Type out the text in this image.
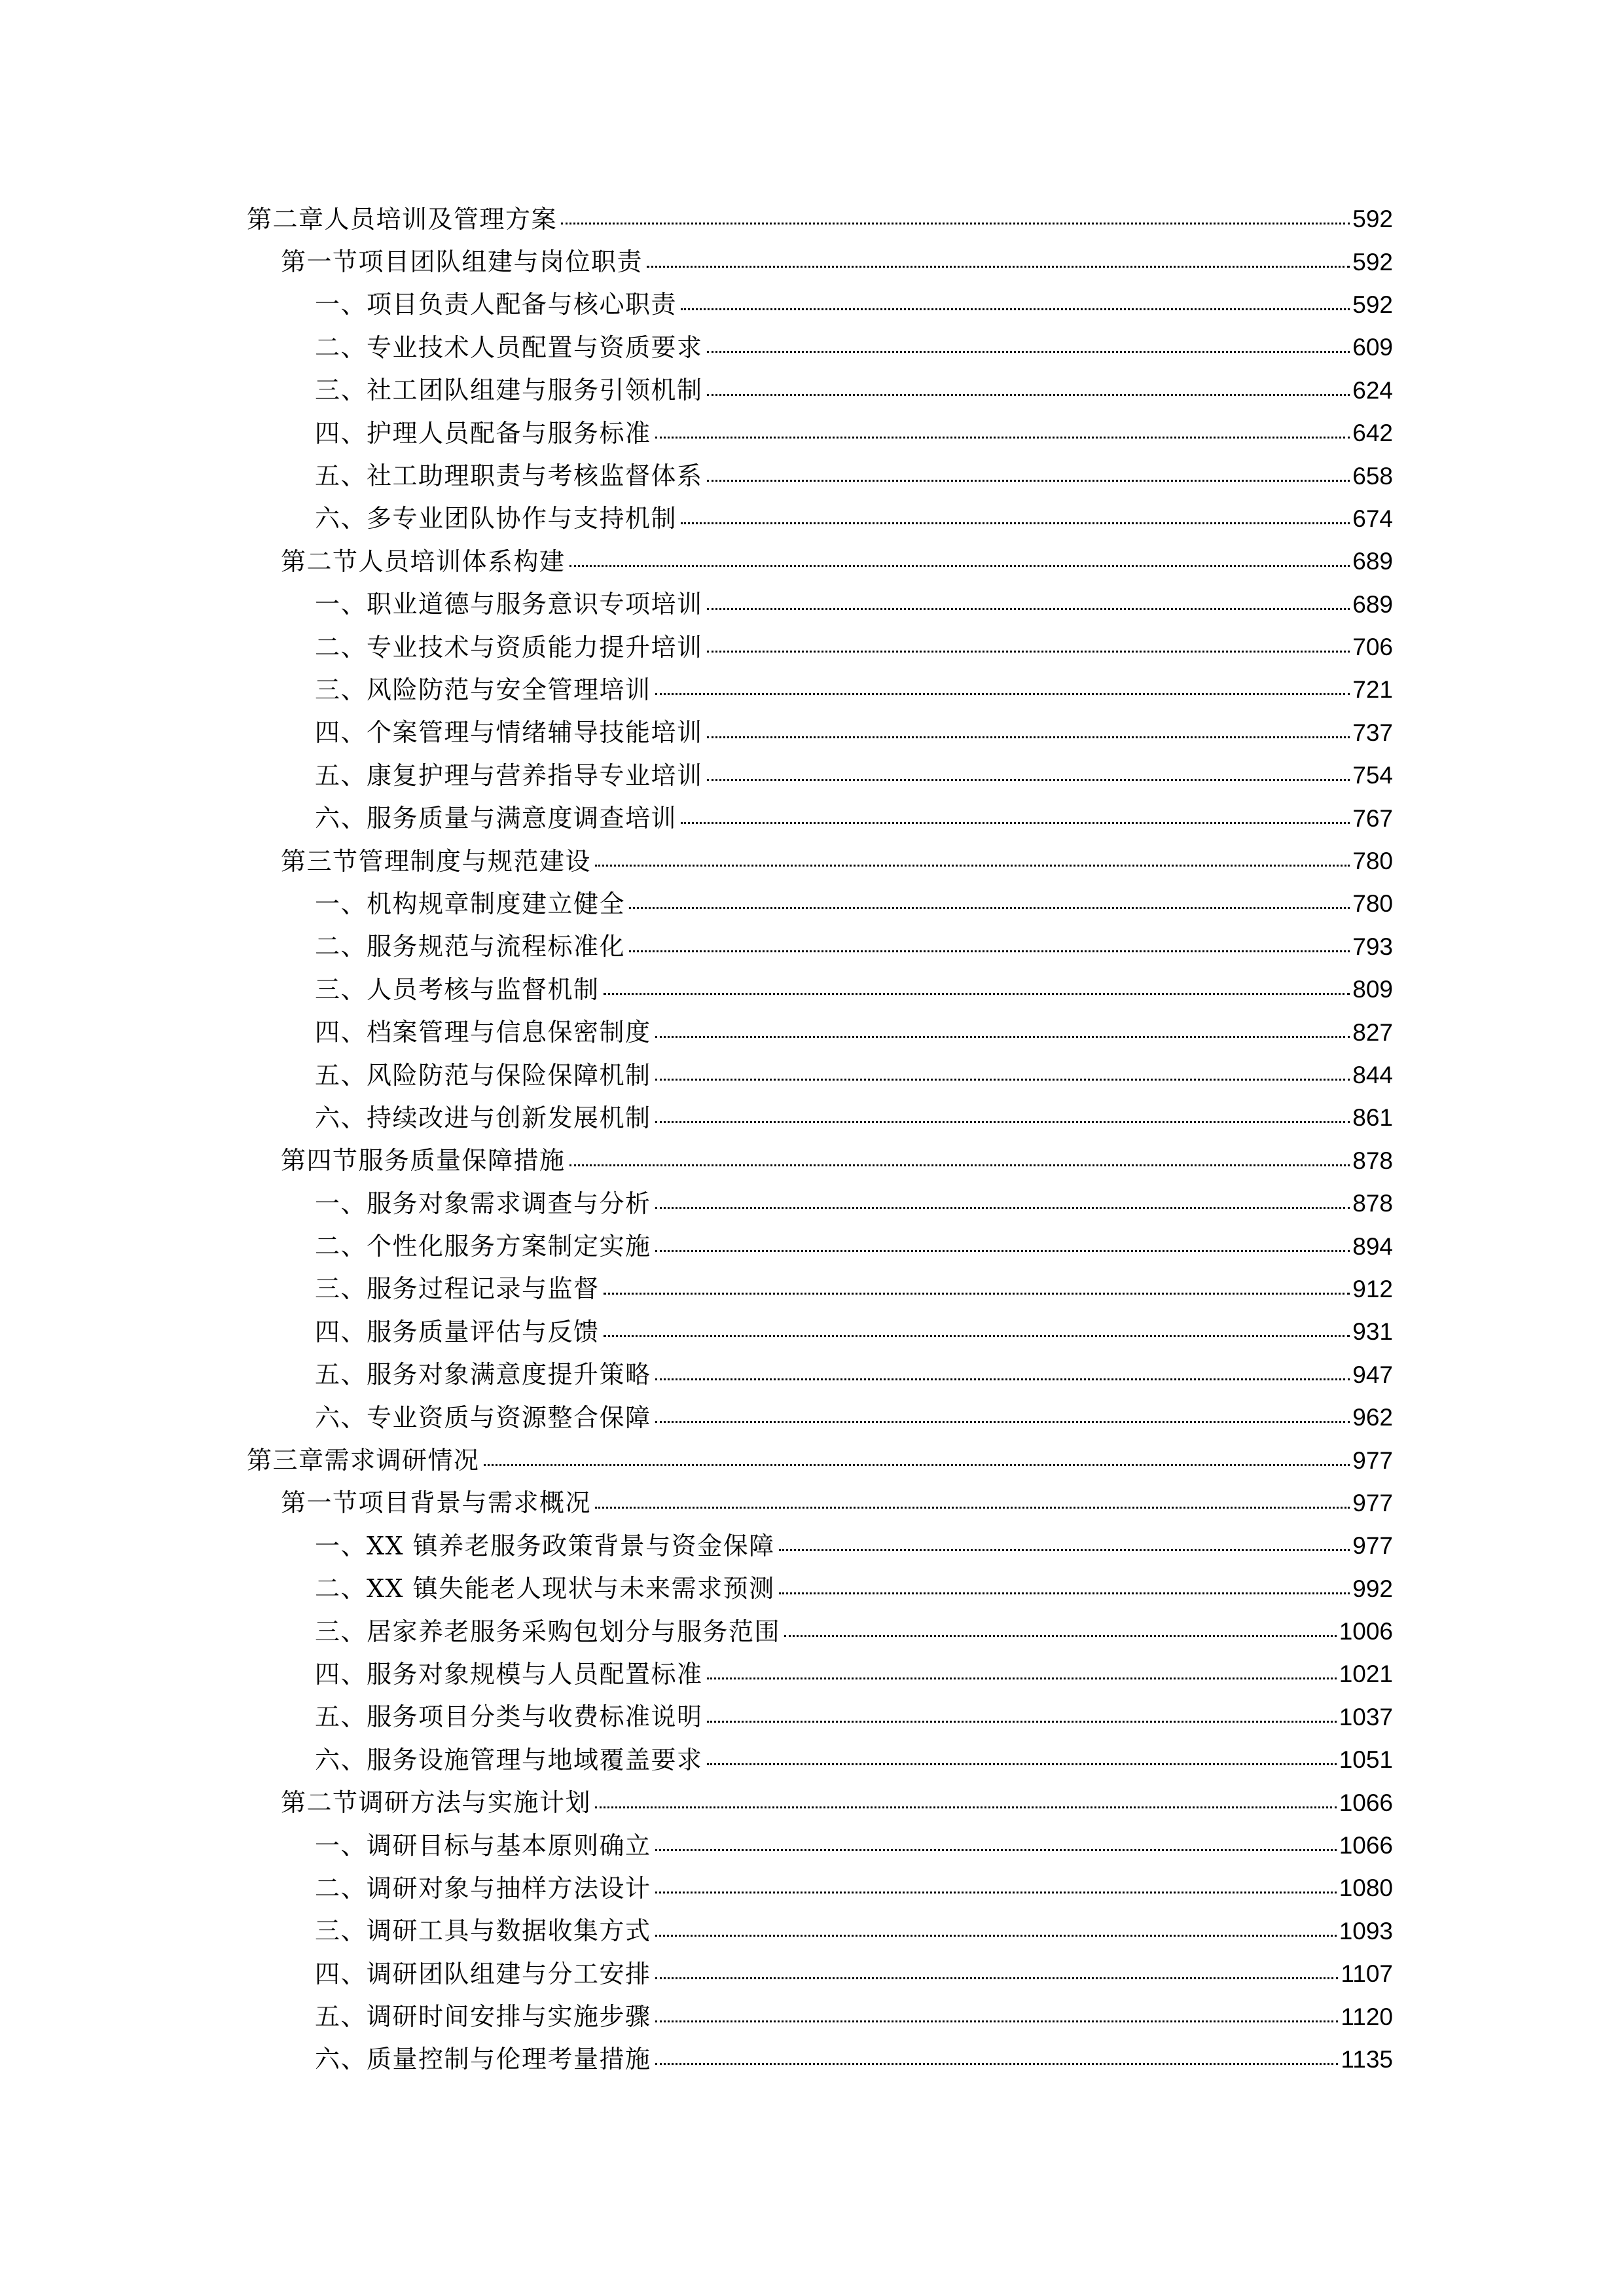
第二章人员培训及管理方案	592
第一节项目团队组建与岗位职责	592
一、项目负责人配备与核心职责	592
二、专业技术人员配置与资质要求	609
三、社工团队组建与服务引领机制	624
四、护理人员配备与服务标准	642
五、社工助理职责与考核监督体系	658
六、多专业团队协作与支持机制	674
第二节人员培训体系构建	689
一、职业道德与服务意识专项培训	689
二、专业技术与资质能力提升培训	706
三、风险防范与安全管理培训	721
四、个案管理与情绪辅导技能培训	737
五、康复护理与营养指导专业培训	754
六、服务质量与满意度调查培训	767
第三节管理制度与规范建设	780
一、机构规章制度建立健全	780
二、服务规范与流程标准化	793
三、人员考核与监督机制	809
四、档案管理与信息保密制度	827
五、风险防范与保险保障机制	844
六、持续改进与创新发展机制	861
第四节服务质量保障措施	878
一、服务对象需求调查与分析	878
二、个性化服务方案制定实施	894
三、服务过程记录与监督	912
四、服务质量评估与反馈	931
五、服务对象满意度提升策略	947
六、专业资质与资源整合保障	962
第三章需求调研情况	977
第一节项目背景与需求概况	977
一、XX 镇养老服务政策背景与资金保障	977
二、XX 镇失能老人现状与未来需求预测	992
三、居家养老服务采购包划分与服务范围	1006
四、服务对象规模与人员配置标准	1021
五、服务项目分类与收费标准说明	1037
六、服务设施管理与地域覆盖要求	1051
第二节调研方法与实施计划	1066
一、调研目标与基本原则确立	1066
二、调研对象与抽样方法设计	1080
三、调研工具与数据收集方式	1093
四、调研团队组建与分工安排	1107
五、调研时间安排与实施步骤	1120
六、质量控制与伦理考量措施	1135
